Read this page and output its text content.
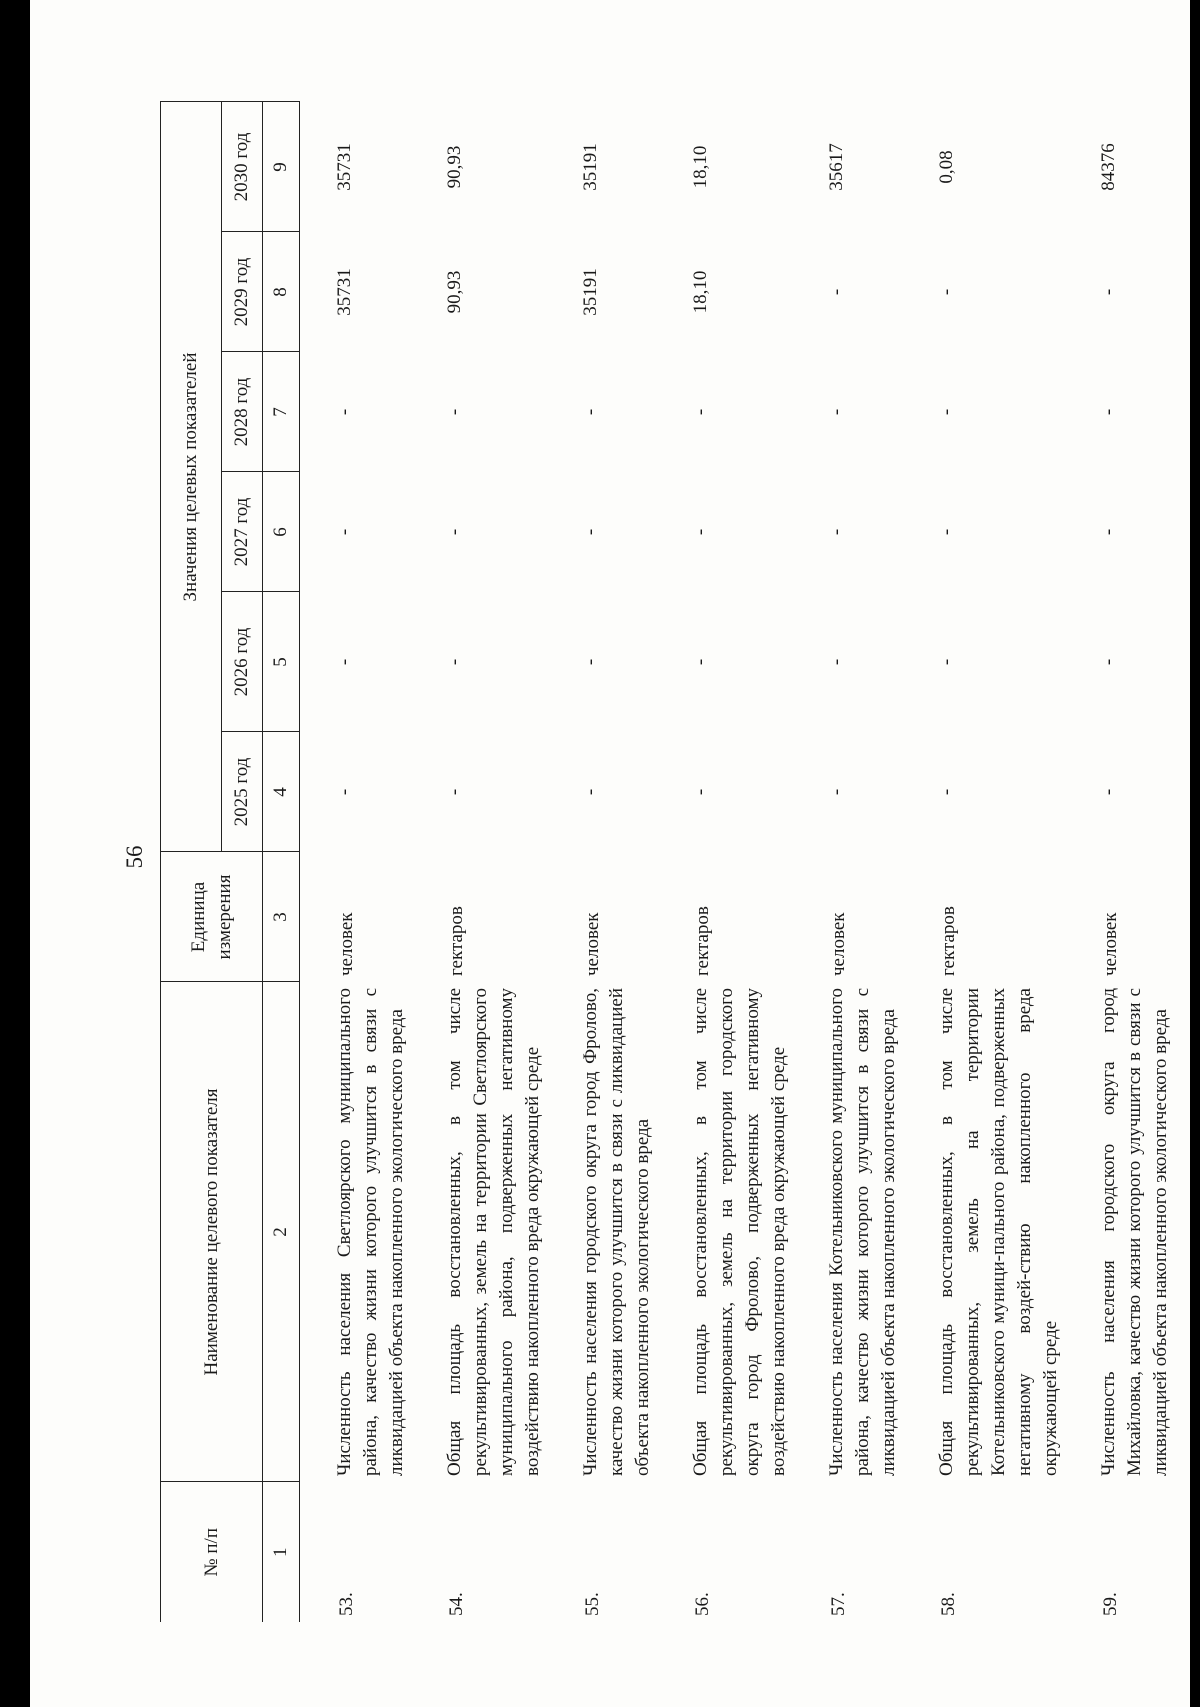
56
№ п/п	Наименование целевого показателя	Единица измерения	Значения целевых показателей					
			2025 год	2026 год	2027 год	2028 год	2029 год	2030 год
1	2	3	4	5	6	7	8	9

53.	Численность населения Светлоярского муниципального района, качество жизни которого улучшится в связи с ликвидацией объекта накопленного экологического вреда	человек	-	-	-	-	35731	35731

54.	Общая площадь восстановленных, в том числе рекультивированных, земель на территории Светлоярского муниципального района, подверженных негативному воздействию накопленного вреда окружающей среде	гектаров	-	-	-	-	90,93	90,93

55.	Численность населения городского округа город Фролово, качество жизни которого улучшится в связи с ликвидацией объекта накопленного экологического вреда	человек	-	-	-	-	35191	35191

56.	Общая площадь восстановленных, в том числе рекультивированных, земель на территории городского округа город Фролово, подверженных негативному воздействию накопленного вреда окружающей среде	гектаров	-	-	-	-	18,10	18,10

57.	Численность населения Котельниковского муниципального района, качество жизни которого улучшится в связи с ликвидацией объекта накопленного экологического вреда	человек	-	-	-	-	-	35617

58.	Общая площадь восстановленных, в том числе рекультивированных, земель на территории Котельниковского муници-пального района, подверженных негативному воздей-ствию накопленного вреда окружающей среде	гектаров	-	-	-	-	-	0,08

59.	Численность населения городского округа город Михайловка, качество жизни которого улучшится в связи с ликвидацией объекта накопленного экологического вреда	человек	-	-	-	-	-	84376
